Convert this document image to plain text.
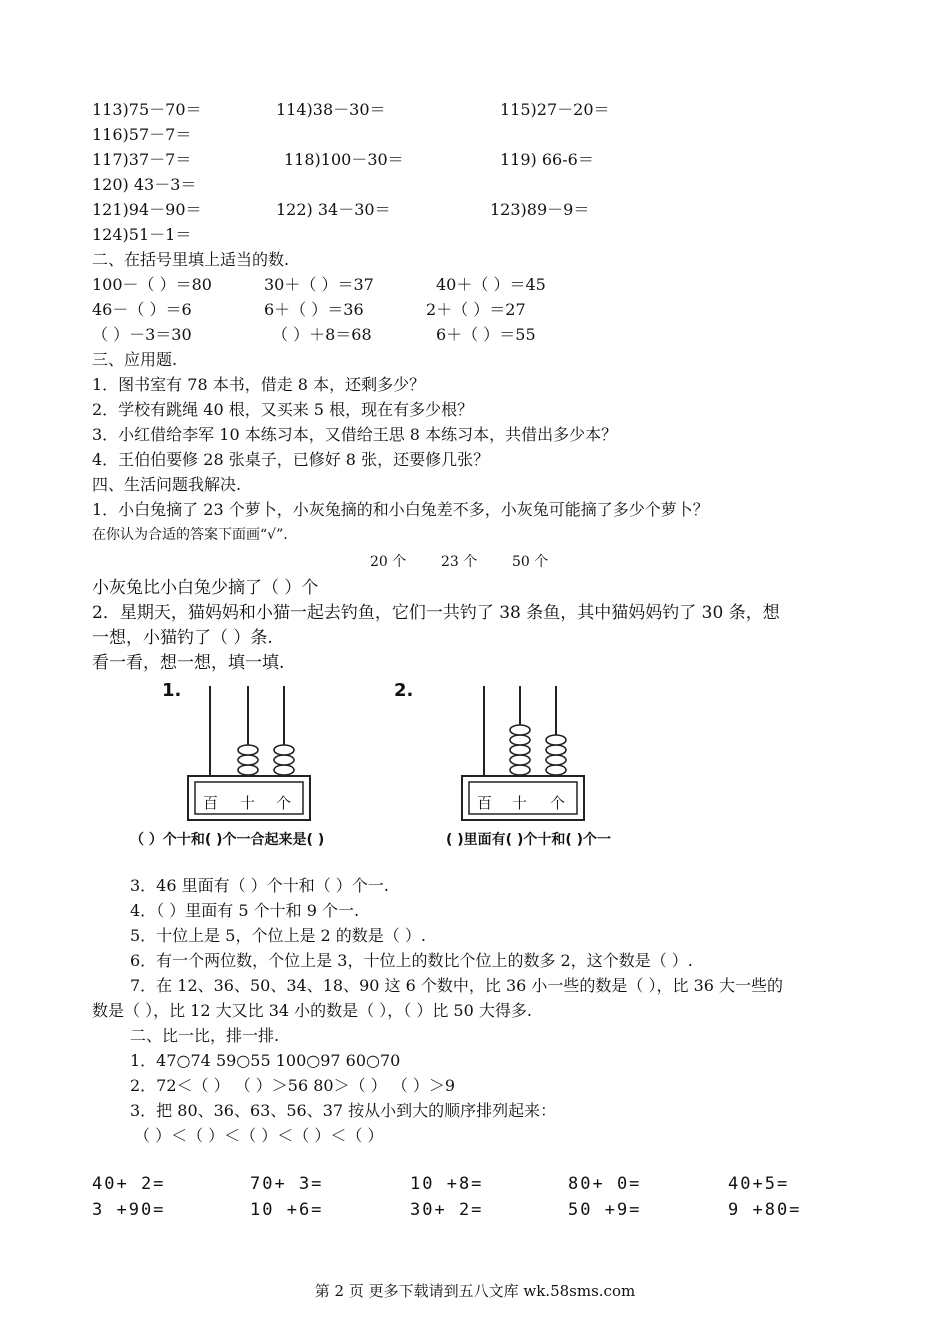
113)75－70＝	114)38－30＝	115)27－20＝
116)57－7＝
117)37－7＝	118)100－30＝	119) 66-6＝
120) 43－3＝
121)94－90＝	122) 34－30＝	123)89－9＝
124)51－1＝
二、在括号里填上适当的数.
100－（ ）＝80	30＋（ ）＝37	40＋（ ）＝45
46－（ ）＝6	6＋（ ）＝36	2＋（ ）＝27
（ ）－3＝30	（ ）＋8＝68	6＋（ ）＝55
三、应用题.
1．图书室有 78 本书，借走 8 本，还剩多少？
2．学校有跳绳 40 根，又买来 5 根，现在有多少根？
3．小红借给李军 10 本练习本，又借给王思 8 本练习本，共借出多少本？
4．王伯伯要修 28 张桌子，已修好 8 张，还要修几张？
四、生活问题我解决.
1．小白兔摘了 23 个萝卜，小灰兔摘的和小白兔差不多，小灰兔可能摘了多少个萝卜？
在你认为合适的答案下面画“√”.
20 个 23 个 50 个
小灰兔比小白兔少摘了（ ）个
2．星期天，猫妈妈和小猫一起去钓鱼，它们一共钓了 38 条鱼，其中猫妈妈钓了 30 条，想
一想，小猫钓了（ ）条.
看一看，想一想，填一填.
1.
百 十 个
2.
百 十 个
（ ）个十和( )个一合起来是( )	( )里面有( )个十和( )个一
3．46 里面有（ ）个十和（ ）个一.
4．（ ）里面有 5 个十和 9 个一.
5．十位上是 5，个位上是 2 的数是（ ）.
6．有一个两位数，个位上是 3，十位上的数比个位上的数多 2，这个数是（ ）.
7．在 12、36、50、34、18、90 这 6 个数中，比 36 小一些的数是（ ），比 36 大一些的
数是（ ），比 12 大又比 34 小的数是（ ），（ ）比 50 大得多.
二、比一比，排一排.
1．47○74 59○55 100○97 60○70
2．72＜（ ） （ ）＞56 80＞（ ） （ ）＞9
3．把 80、36、63、56、37 按从小到大的顺序排列起来：
（ ）＜（ ）＜（ ）＜（ ）＜（ ）
40+ 2=	70+ 3=	10 +8=	80+ 0=	40+5=
3 +90=	10 +6=	30+ 2=	50 +9=	9 +80=
第 2 页 更多下载请到五八文库 wk.58sms.com
